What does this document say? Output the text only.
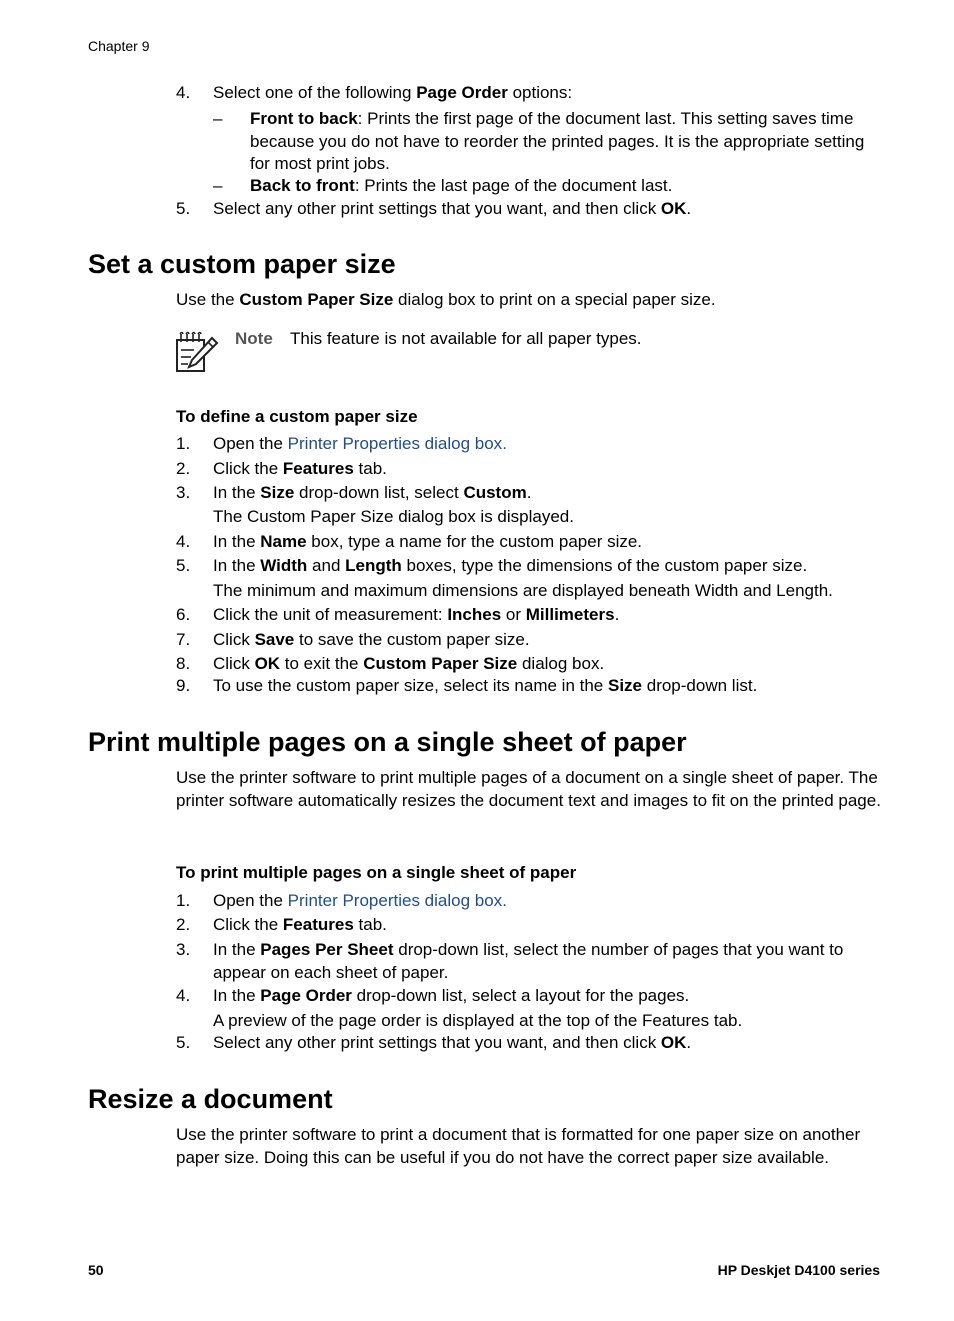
Chapter 9
4. Select one of the following Page Order options:
– Front to back: Prints the first page of the document last. This setting saves time because you do not have to reorder the printed pages. It is the appropriate setting for most print jobs.
– Back to front: Prints the last page of the document last.
5. Select any other print settings that you want, and then click OK.
Set a custom paper size

Use the Custom Paper Size dialog box to print on a special paper size.

Note This feature is not available for all paper types.
To define a custom paper size
1. Open the Printer Properties dialog box.
2. Click the Features tab.
3. In the Size drop-down list, select Custom.
The Custom Paper Size dialog box is displayed.
4. In the Name box, type a name for the custom paper size.
5. In the Width and Length boxes, type the dimensions of the custom paper size.
The minimum and maximum dimensions are displayed beneath Width and Length.
6. Click the unit of measurement: Inches or Millimeters.
7. Click Save to save the custom paper size.
8. Click OK to exit the Custom Paper Size dialog box.
9. To use the custom paper size, select its name in the Size drop-down list.
Print multiple pages on a single sheet of paper

Use the printer software to print multiple pages of a document on a single sheet of paper. The printer software automatically resizes the document text and images to fit on the printed page.

To print multiple pages on a single sheet of paper
1. Open the Printer Properties dialog box.
2. Click the Features tab.
3. In the Pages Per Sheet drop-down list, select the number of pages that you want to appear on each sheet of paper.
4. In the Page Order drop-down list, select a layout for the pages.
A preview of the page order is displayed at the top of the Features tab.
5. Select any other print settings that you want, and then click OK.
Resize a document

Use the printer software to print a document that is formatted for one paper size on another paper size. Doing this can be useful if you do not have the correct paper size available.

50	HP Deskjet D4100 series
